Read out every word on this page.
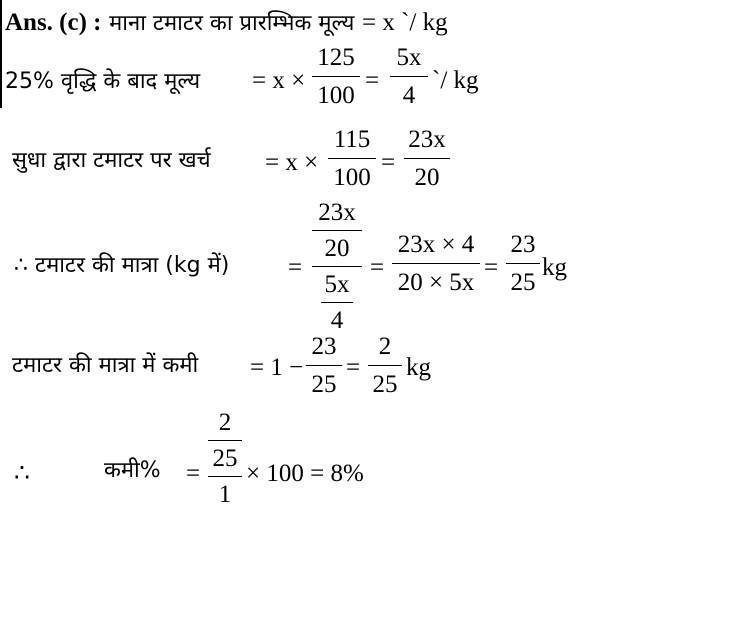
Ans. (c) : माना टमाटर का प्रारम्भिक मूल्य = x `/ kg
25% वृद्धि के बाद मूल्य = $x \times \frac{125}{100} = \frac{5x}{4}$ `/ kg
सुधा द्वारा टमाटर पर खर्च = $x \times \frac{115}{100} = \frac{23x}{20}$
∴ टमाटर की मात्रा (kg में) =
23x
20
5x
4
= $\frac{23x \times 4}{20 \times 5x} = \frac{23}{25}$ kg
टमाटर की मात्रा में कमी = $1 - \frac{23}{25} = \frac{2}{25}$ kg
∴	कमी% =
2
25
1
× 100 = 8%
